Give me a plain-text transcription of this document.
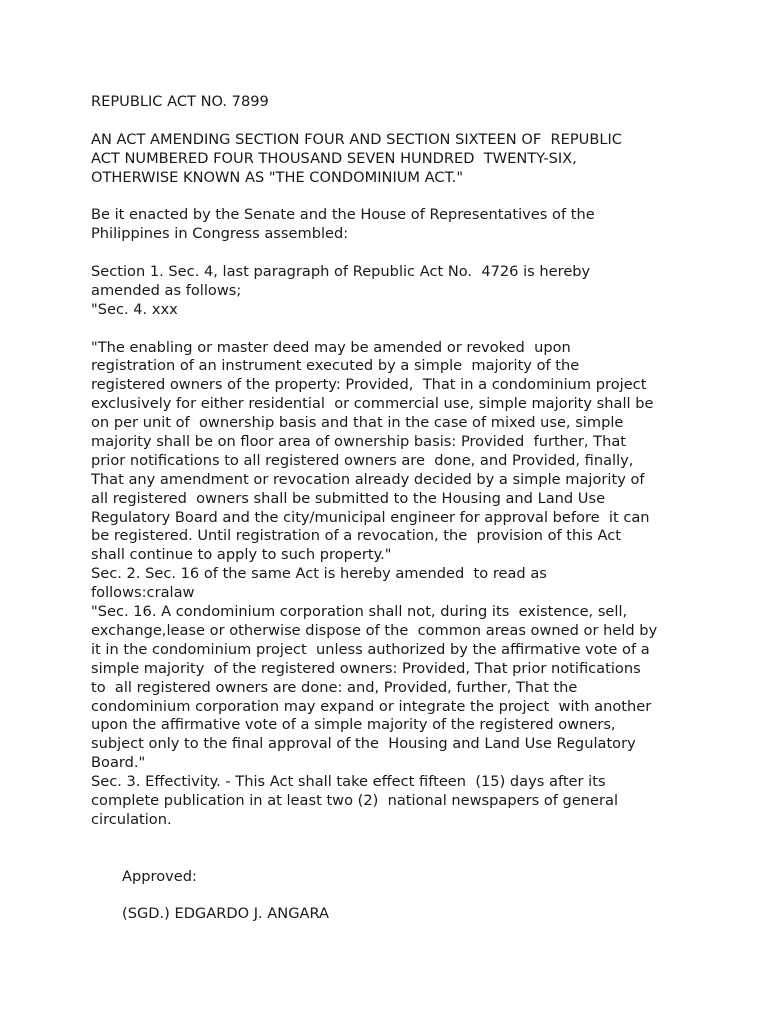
REPUBLIC ACT NO. 7899
AN ACT AMENDING SECTION FOUR AND SECTION SIXTEEN OF  REPUBLIC
ACT NUMBERED FOUR THOUSAND SEVEN HUNDRED  TWENTY-SIX,
OTHERWISE KNOWN AS "THE CONDOMINIUM ACT."
Be it enacted by the Senate and the House of Representatives of the
Philippines in Congress assembled:
Section 1. Sec. 4, last paragraph of Republic Act No.  4726 is hereby
amended as follows;
"Sec. 4. xxx
"The enabling or master deed may be amended or revoked  upon
registration of an instrument executed by a simple  majority of the
registered owners of the property: Provided,  That in a condominium project
exclusively for either residential  or commercial use, simple majority shall be
on per unit of  ownership basis and that in the case of mixed use, simple
majority shall be on floor area of ownership basis: Provided  further, That
prior notifications to all registered owners are  done, and Provided, finally,
That any amendment or revocation already decided by a simple majority of
all registered  owners shall be submitted to the Housing and Land Use
Regulatory Board and the city/municipal engineer for approval before  it can
be registered. Until registration of a revocation, the  provision of this Act
shall continue to apply to such property."
Sec. 2. Sec. 16 of the same Act is hereby amended  to read as
follows:cralaw
"Sec. 16. A condominium corporation shall not, during its  existence, sell,
exchange,lease or otherwise dispose of the  common areas owned or held by
it in the condominium project  unless authorized by the affirmative vote of a
simple majority  of the registered owners: Provided, That prior notifications
to  all registered owners are done: and, Provided, further, That the
condominium corporation may expand or integrate the project  with another
upon the affirmative vote of a simple majority of the registered owners,
subject only to the final approval of the  Housing and Land Use Regulatory
Board."
Sec. 3. Effectivity. - This Act shall take effect fifteen  (15) days after its
complete publication in at least two (2)  national newspapers of general
circulation.
Approved:
(SGD.) EDGARDO J. ANGARA
